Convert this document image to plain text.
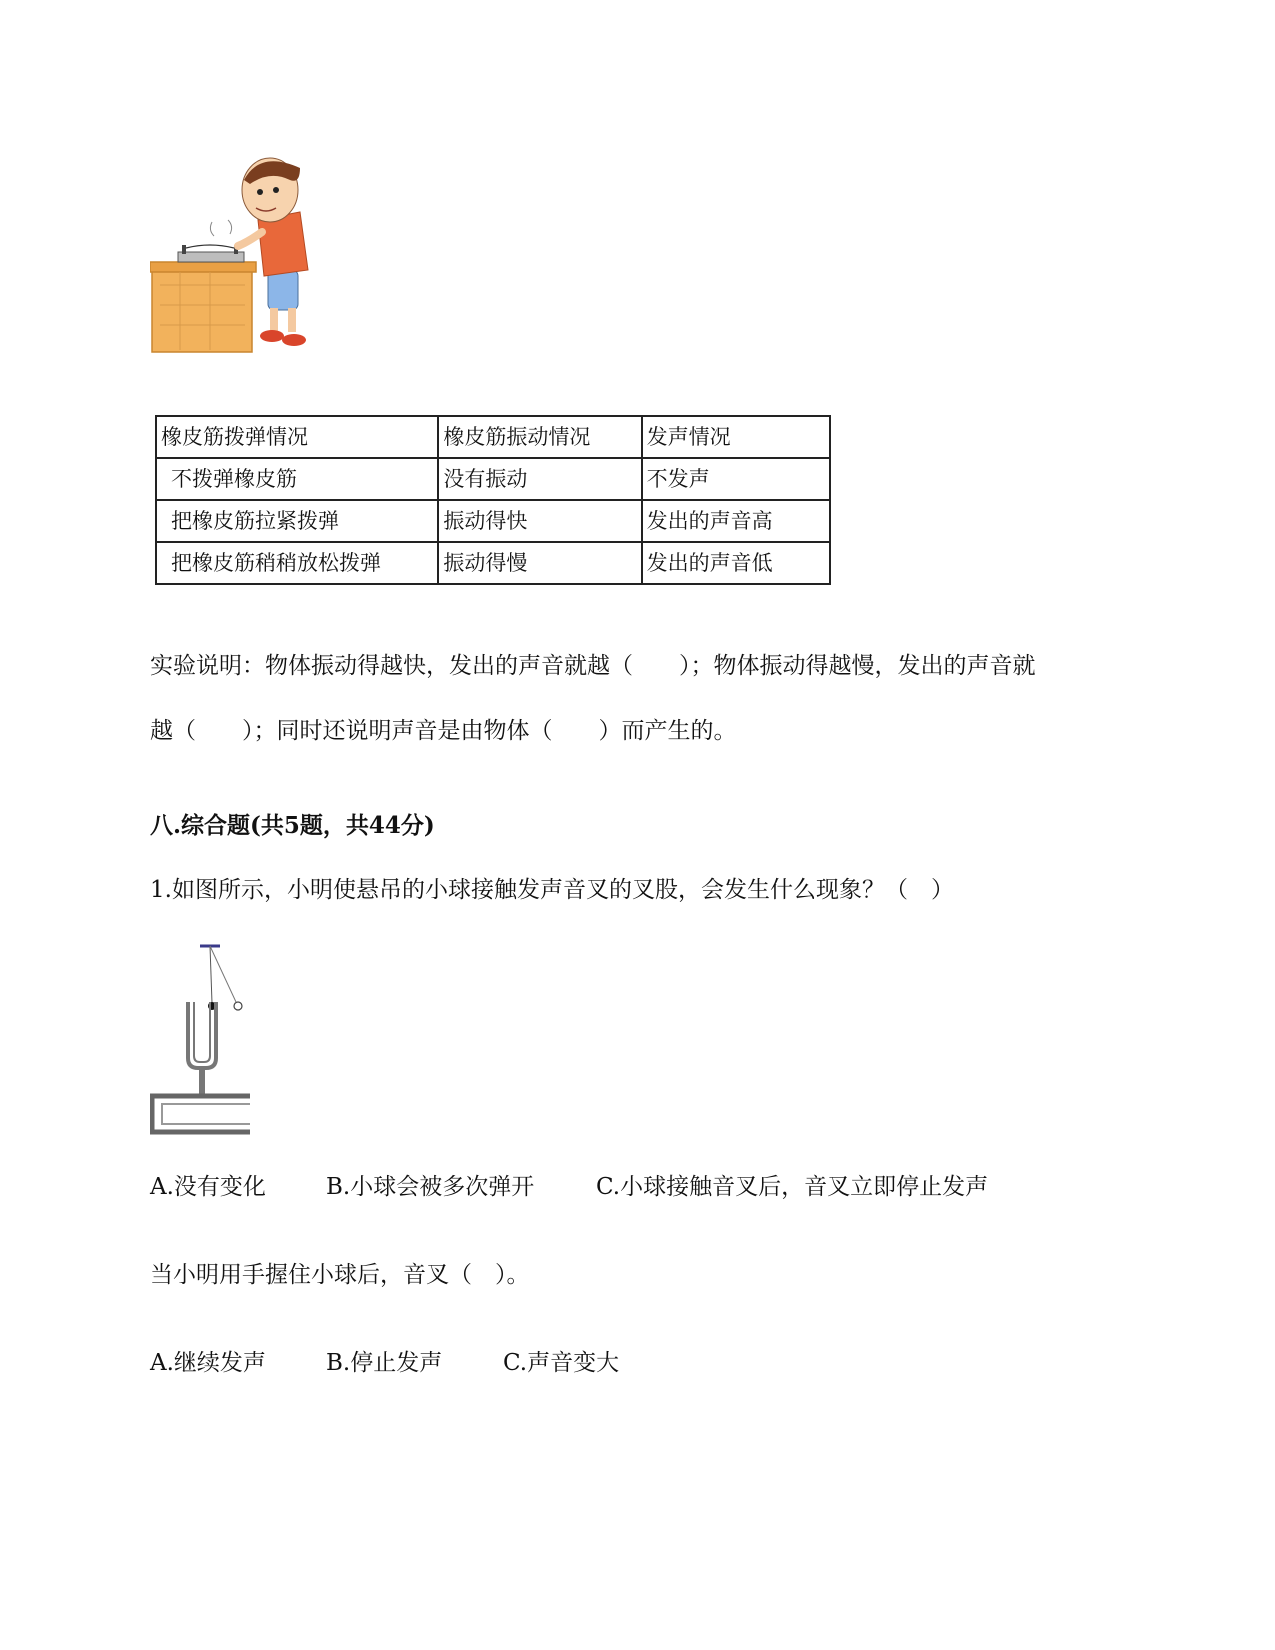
橡皮筋拨弹情况	橡皮筋振动情况	发声情况
不拨弹橡皮筋	没有振动	不发声
把橡皮筋拉紧拨弹	振动得快	发出的声音高
把橡皮筋稍稍放松拨弹	振动得慢	发出的声音低
实验说明：物体振动得越快，发出的声音就越（　　）；物体振动得越慢，发出的声音就
越（　　）；同时还说明声音是由物体（　　）而产生的。
八.综合题(共5题，共44分)
1.如图所示，小明使悬吊的小球接触发声音叉的叉股，会发生什么现象？（　）
A.没有变化	B.小球会被多次弹开	C.小球接触音叉后，音叉立即停止发声
当小明用手握住小球后，音叉（　）。
A.继续发声	B.停止发声	C.声音变大
